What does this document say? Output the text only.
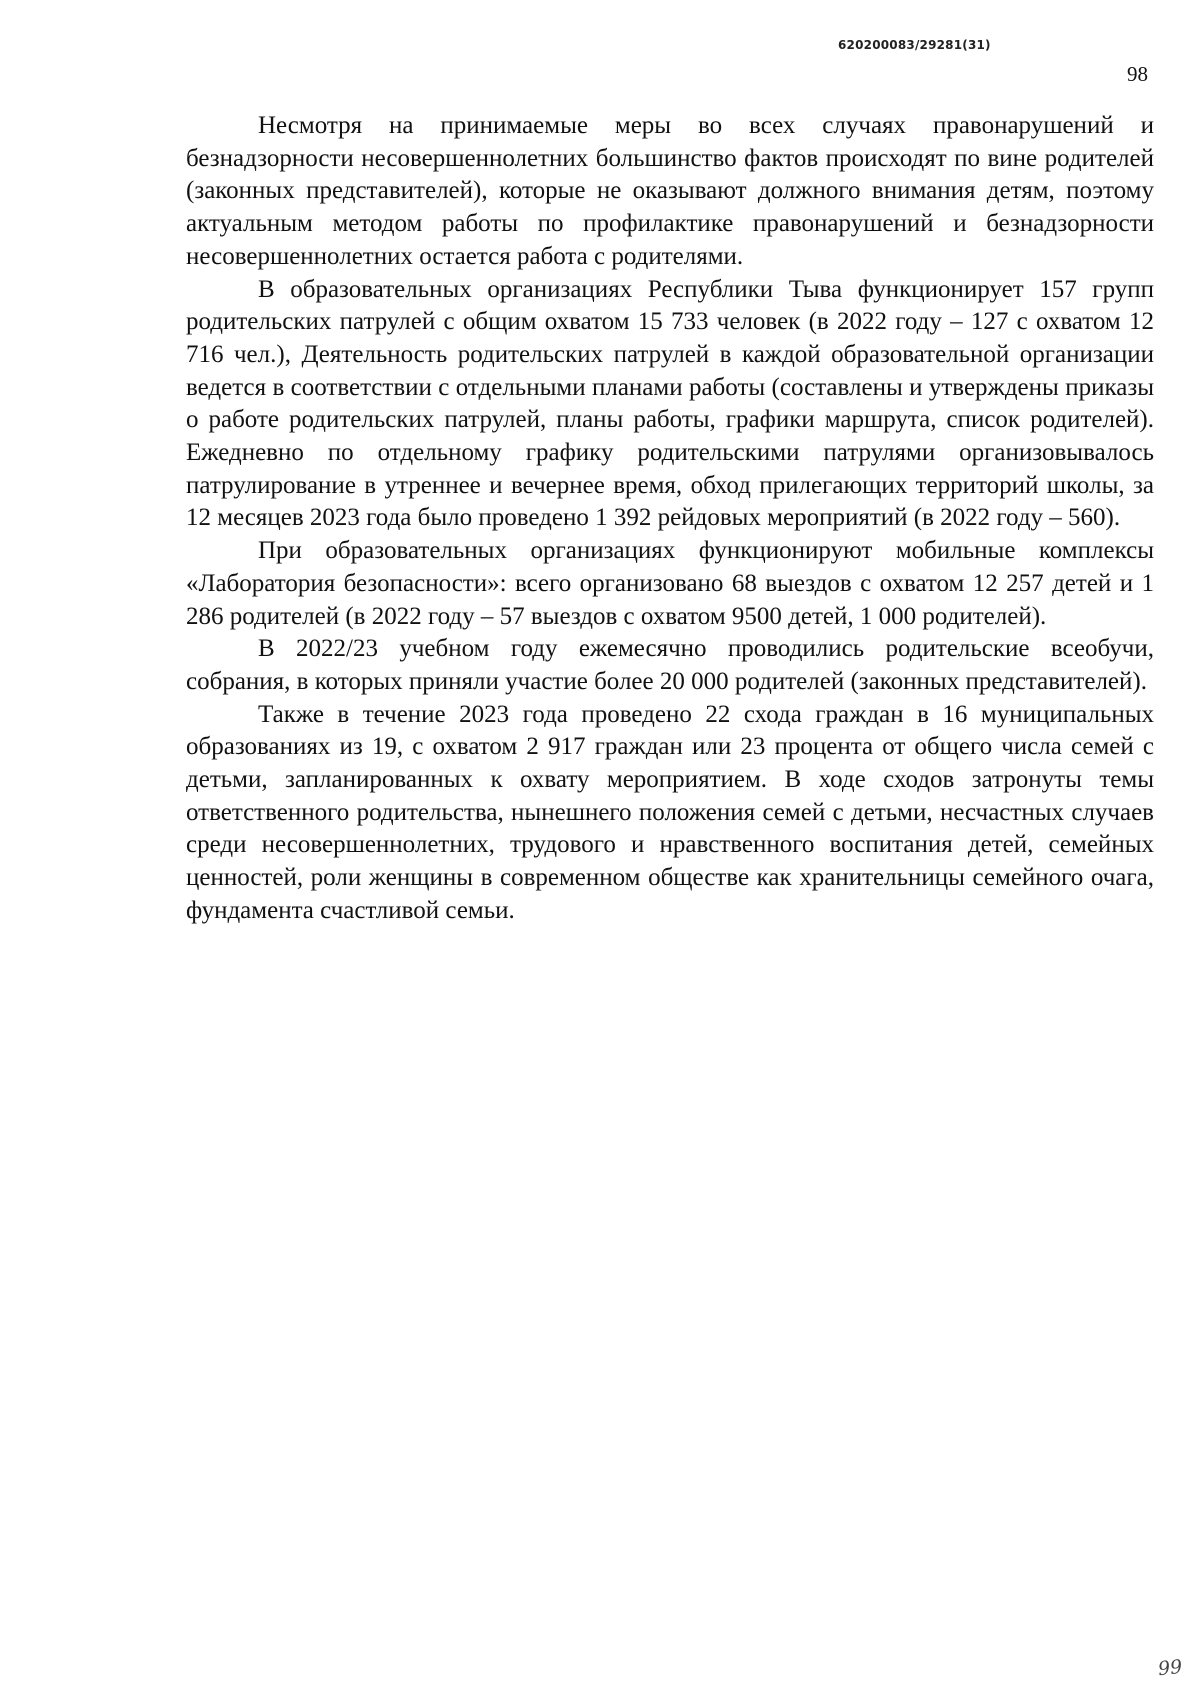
620200083/29281(31)
98

Несмотря на принимаемые меры во всех случаях правонарушений и безнадзорности несовершеннолетних большинство фактов происходят по вине родителей (законных представителей), которые не оказывают должного внимания детям, поэтому актуальным методом работы по профилактике правонарушений и безнадзорности несовершеннолетних остается работа с родителями.

В образовательных организациях Республики Тыва функционирует 157 групп родительских патрулей с общим охватом 15 733 человек (в 2022 году – 127 с охватом 12 716 чел.), Деятельность родительских патрулей в каждой образовательной организации ведется в соответствии с отдельными планами работы (составлены и утверждены приказы о работе родительских патрулей, планы работы, графики маршрута, список родителей). Ежедневно по отдельному графику родительскими патрулями организовывалось патрулирование в утреннее и вечернее время, обход прилегающих территорий школы, за 12 месяцев 2023 года было проведено 1 392 рейдовых мероприятий (в 2022 году – 560).

При образовательных организациях функционируют мобильные комплексы «Лаборатория безопасности»: всего организовано 68 выездов с охватом 12 257 детей и 1 286 родителей (в 2022 году – 57 выездов с охватом 9500 детей, 1 000 родителей).

В 2022/23 учебном году ежемесячно проводились родительские всеобучи, собрания, в которых приняли участие более 20 000 родителей (законных представителей).

Также в течение 2023 года проведено 22 схода граждан в 16 муниципальных образованиях из 19, с охватом 2 917 граждан или 23 процента от общего числа семей с детьми, запланированных к охвату мероприятием. В ходе сходов затронуты темы ответственного родительства, нынешнего положения семей с детьми, несчастных случаев среди несовершеннолетних, трудового и нравственного воспитания детей, семейных ценностей, роли женщины в современном обществе как хранительницы семейного очага, фундамента счастливой семьи.

99
